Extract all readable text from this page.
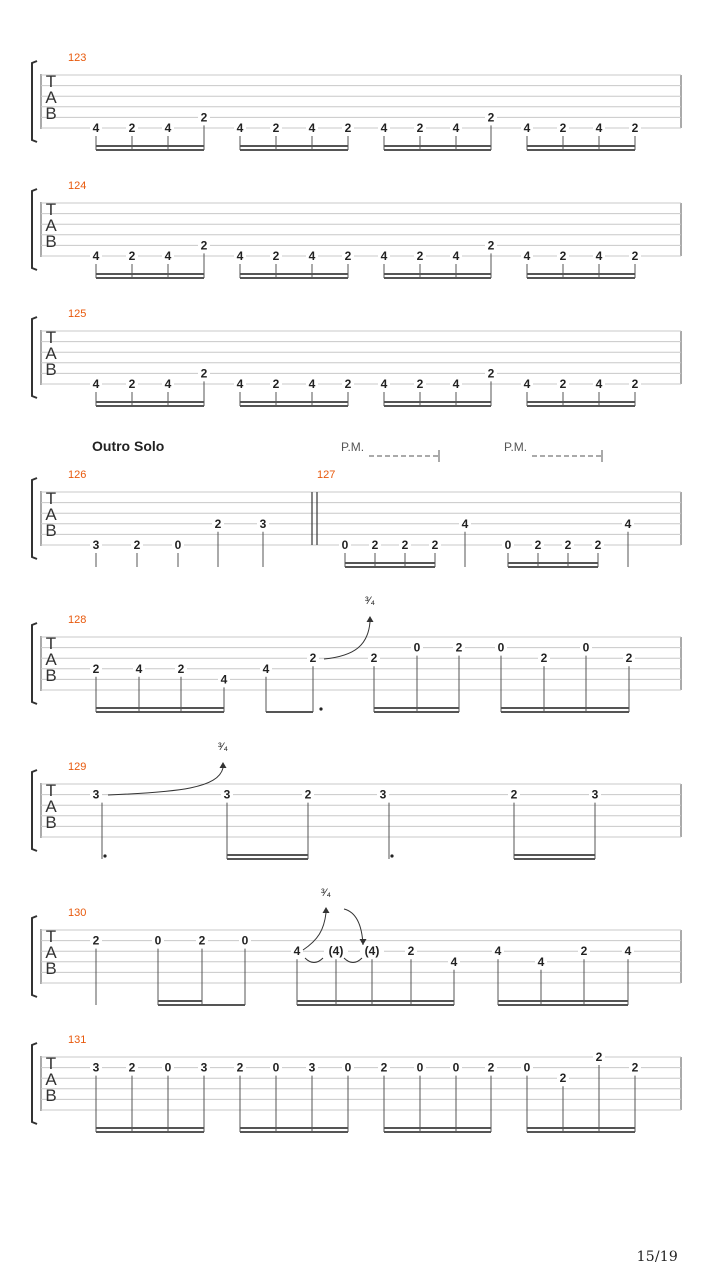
T
A
B
123
4 2 4
2
4 2 4 2 4 2 4
2
4 2 4 2
T
A
B
124
4 2 4
2
4 2 4 2 4 2 4
2
4 2 4 2
T
A
B
125
4 2 4
2
4 2 4 2 4 2 4
2
4 2 4 2
T
A
B
126	127
3	2	0
2	3
0 2 2 2
4
0 2 2 2
4
T
A
B
128
2	4	2
4
4
2	2
0	2	0
2
0
2
T
A
B
129
3	3	2	3	2	3
T
A
B
130
2	0	2	0
4 (4) (4) 2
4
4
4
2	4
T
A
B
131
3 2 0 3 2 0 3 0 2 0 0 2 0
2
2
2
Outro Solo	P.M.	P.M.
³⁄₄
³⁄₄
³⁄₄
15/19
